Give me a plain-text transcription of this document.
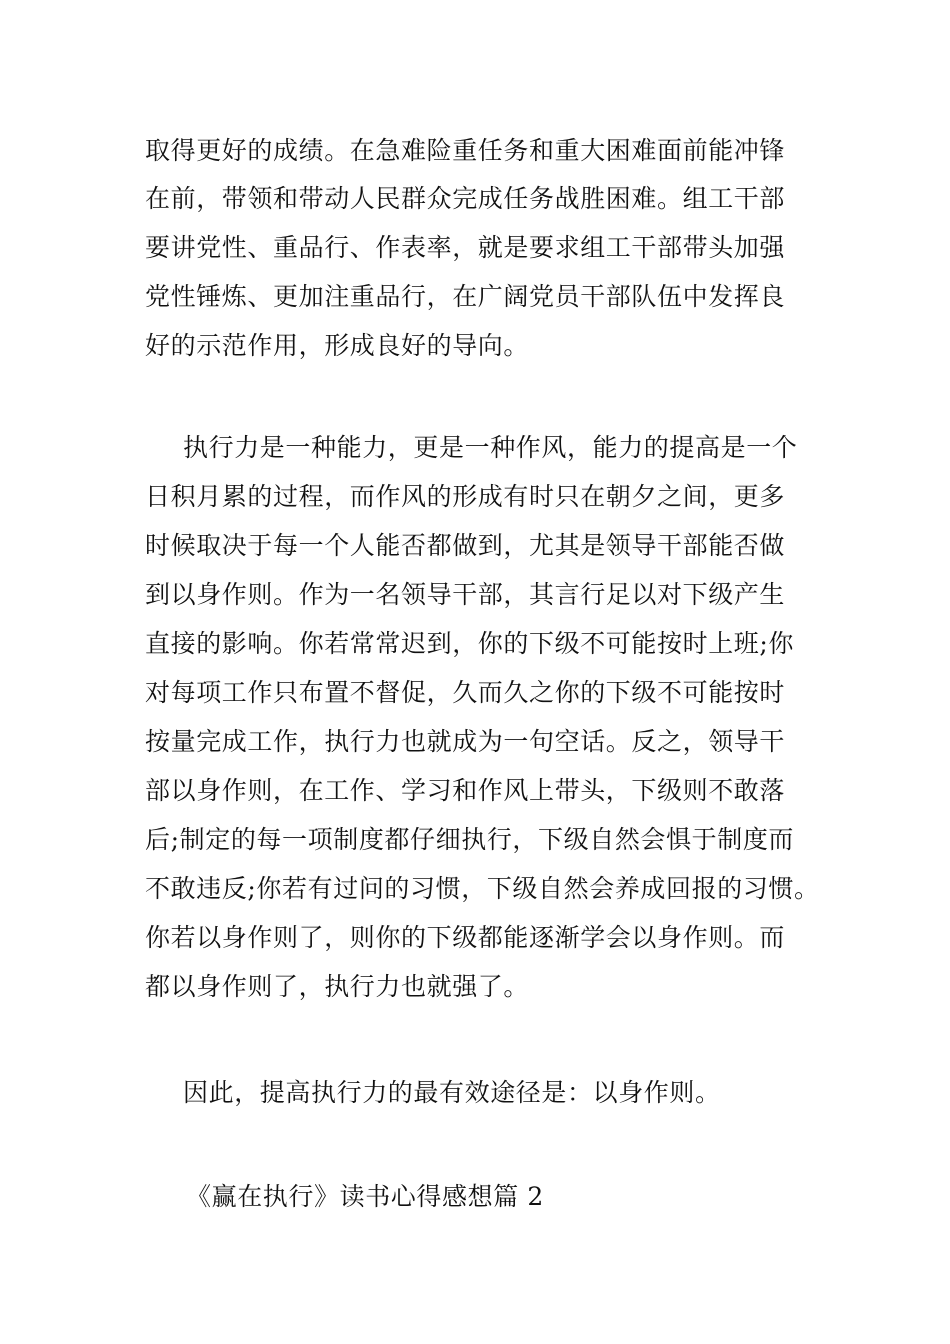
取得更好的成绩。在急难险重任务和重大困难面前能冲锋
在前，带领和带动人民群众完成任务战胜困难。组工干部
要讲党性、重品行、作表率，就是要求组工干部带头加强
党性锤炼、更加注重品行，在广阔党员干部队伍中发挥良
好的示范作用，形成良好的导向。
执行力是一种能力，更是一种作风，能力的提高是一个
日积月累的过程，而作风的形成有时只在朝夕之间，更多
时候取决于每一个人能否都做到，尤其是领导干部能否做
到以身作则。作为一名领导干部，其言行足以对下级产生
直接的影响。你若常常迟到，你的下级不可能按时上班;你
对每项工作只布置不督促，久而久之你的下级不可能按时
按量完成工作，执行力也就成为一句空话。反之，领导干
部以身作则，在工作、学习和作风上带头，下级则不敢落
后;制定的每一项制度都仔细执行，下级自然会惧于制度而
不敢违反;你若有过问的习惯，下级自然会养成回报的习惯。
你若以身作则了，则你的下级都能逐渐学会以身作则。而
都以身作则了，执行力也就强了。
因此，提高执行力的最有效途径是：以身作则。
《赢在执行》读书心得感想篇 2
